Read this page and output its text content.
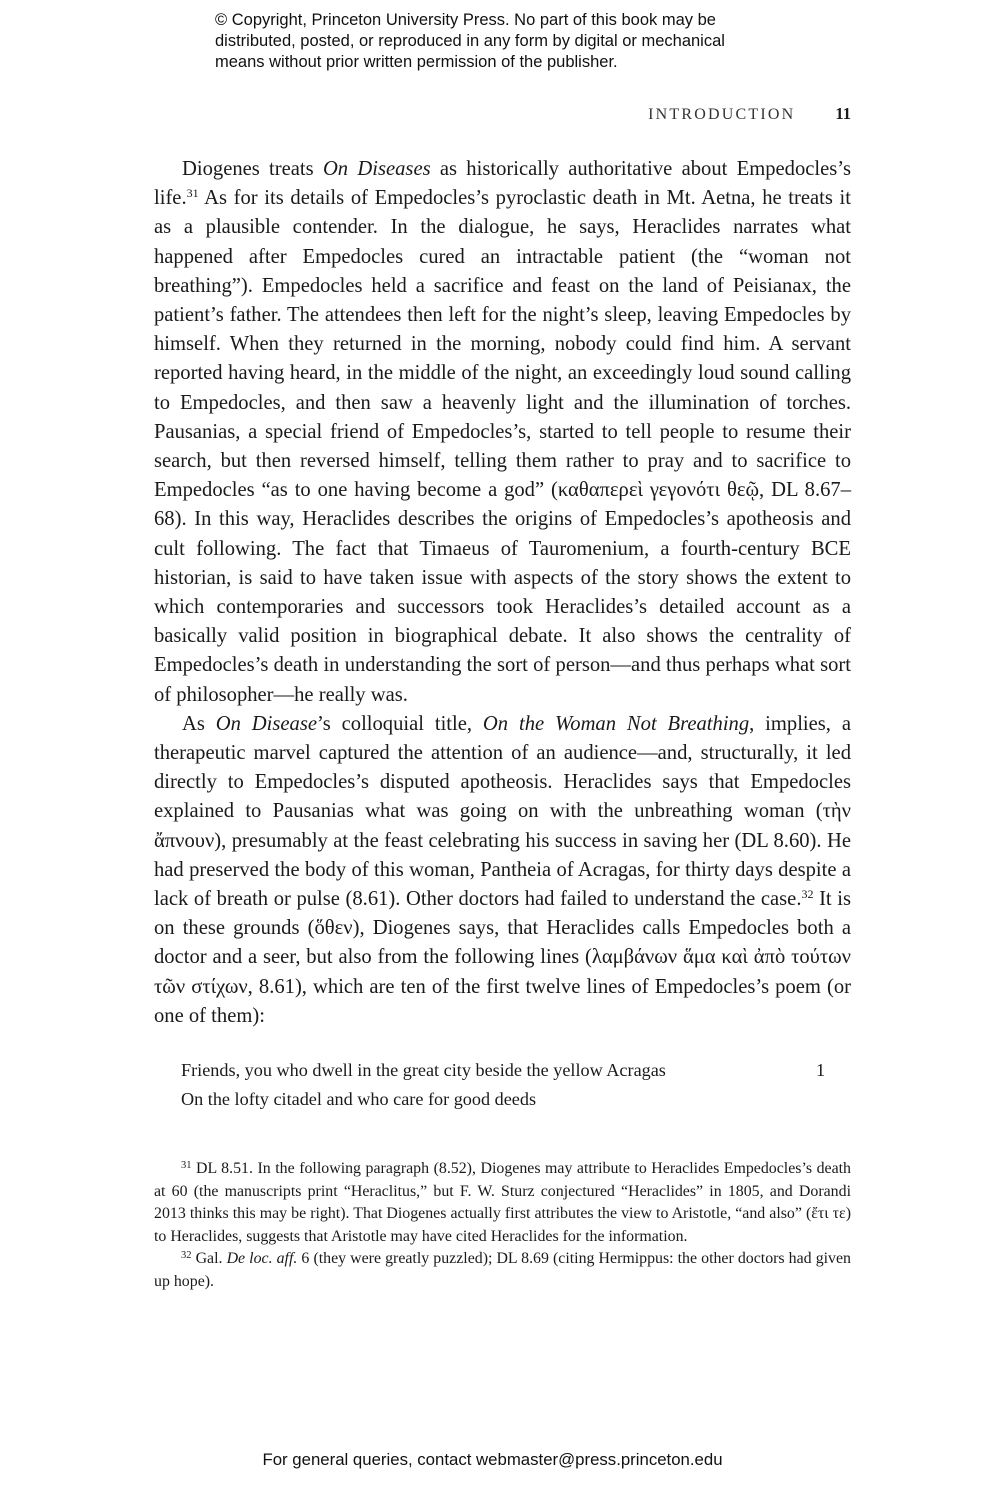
© Copyright, Princeton University Press. No part of this book may be

distributed, posted, or reproduced in any form by digital or mechanical

means without prior written permission of the publisher.

INTRODUCTION 11

Diogenes treats On Diseases as historically authoritative about Empedocles’s life.$^{31}$ As for its details of Empedocles’s pyroclastic death in Mt. Aetna, he treats it as a plausible contender. In the dialogue, he says, Heraclides narrates what happened after Empedocles cured an intractable patient (the “woman not breathing”). Empedocles held a sacrifice and feast on the land of Peisianax, the patient’s father. The attendees then left for the night’s sleep, leaving Empedocles by himself. When they returned in the morning, nobody could find him. A servant reported having heard, in the middle of the night, an exceedingly loud sound calling to Empedocles, and then saw a heavenly light and the illumination of torches. Pausanias, a special friend of Empedocles’s, started to tell people to resume their search, but then reversed himself, telling them rather to pray and to sacrifice to Empedocles “as to one having become a god” (καθαπερεὶ γεγονότι θεῷ, DL 8.67–68). In this way, Heraclides describes the origins of Empedocles’s apotheosis and cult following. The fact that Timaeus of Tauromenium, a fourth-century BCE historian, is said to have taken issue with aspects of the story shows the extent to which contemporaries and successors took Heraclides’s detailed account as a basically valid position in biographical debate. It also shows the centrality of Empedocles’s death in understanding the sort of person—and thus perhaps what sort of philosopher—he really was.

As On Disease’s colloquial title, On the Woman Not Breathing, implies, a therapeutic marvel captured the attention of an audience—and, structurally, it led directly to Empedocles’s disputed apotheosis. Heraclides says that Empedocles explained to Pausanias what was going on with the unbreathing woman (τὴν ἄπνουν), presumably at the feast celebrating his success in saving her (DL 8.60). He had preserved the body of this woman, Pantheia of Acragas, for thirty days despite a lack of breath or pulse (8.61). Other doctors had failed to understand the case.$^{32}$ It is on these grounds (ὅθεν), Diogenes says, that Heraclides calls Empedocles both a doctor and a seer, but also from the following lines (λαμβάνων ἅμα καὶ ἀπὸ τούτων τῶν στίχων, 8.61), which are ten of the first twelve lines of Empedocles’s poem (or one of them):

Friends, you who dwell in the great city beside the yellow Acragas	1
On the lofty citadel and who care for good deeds

$^{31}$ DL 8.51. In the following paragraph (8.52), Diogenes may attribute to Heraclides Empedocles’s death at 60 (the manuscripts print “Heraclitus,” but F. W. Sturz conjectured “Heraclides” in 1805, and Dorandi 2013 thinks this may be right). That Diogenes actually first attributes the view to Aristotle, “and also” (ἔτι τε) to Heraclides, suggests that Aristotle may have cited Heraclides for the information.

$^{32}$ Gal. De loc. aff. 6 (they were greatly puzzled); DL 8.69 (citing Hermippus: the other doctors had given up hope).

For general queries, contact webmaster@press.princeton.edu
